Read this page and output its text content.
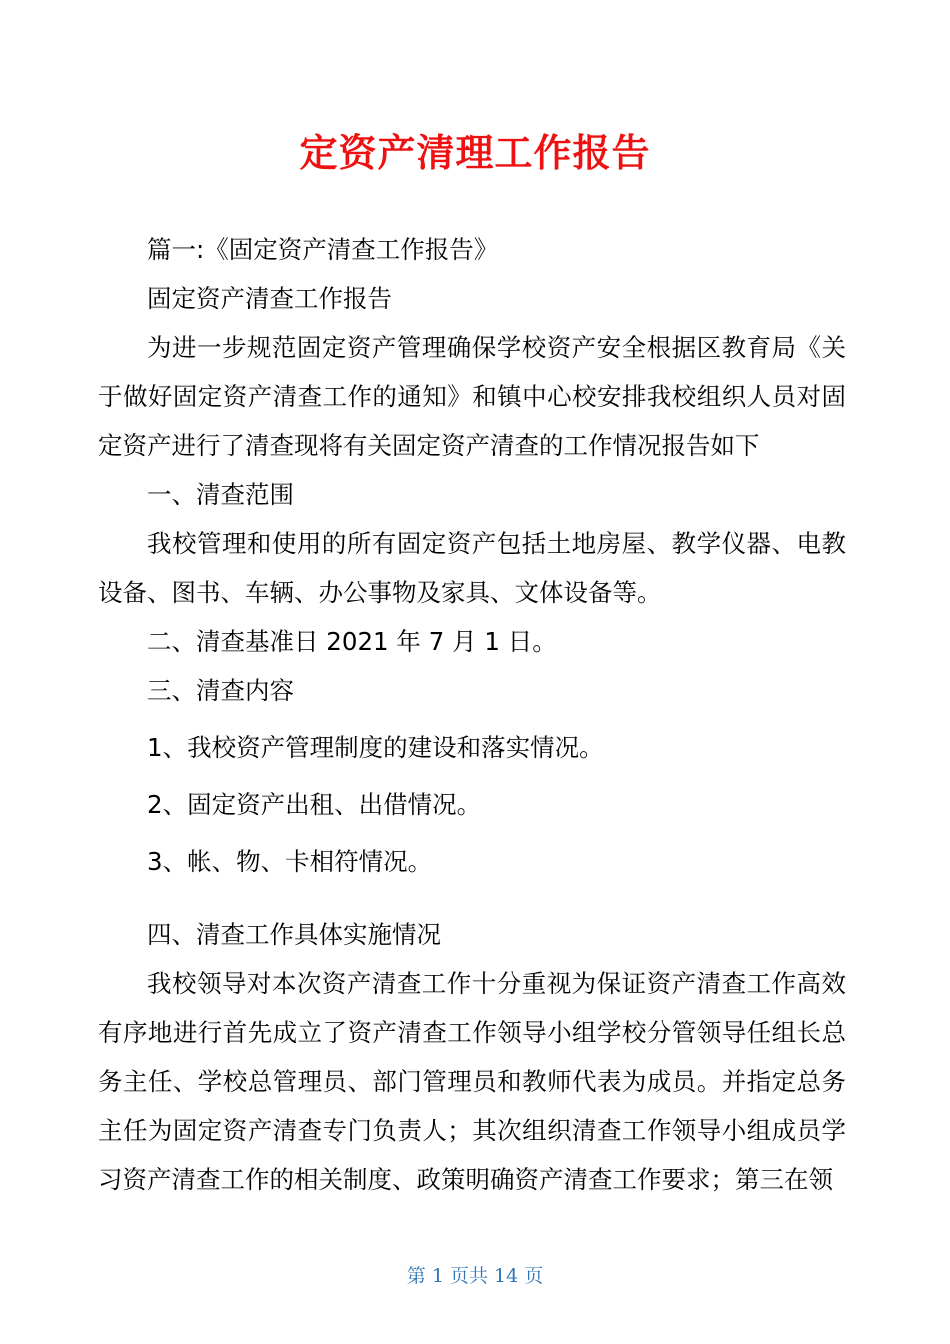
定资产清理工作报告

篇一:《固定资产清查工作报告》

固定资产清查工作报告

为进一步规范固定资产管理确保学校资产安全根据区教育局《关于做好固定资产清查工作的通知》和镇中心校安排我校组织人员对固定资产进行了清查现将有关固定资产清查的工作情况报告如下

一、清查范围

我校管理和使用的所有固定资产包括土地房屋、教学仪器、电教设备、图书、车辆、办公事物及家具、文体设备等。

二、清查基准日 2021 年 7 月 1 日。

三、清查内容

1、我校资产管理制度的建设和落实情况。

2、固定资产出租、出借情况。

3、帐、物、卡相符情况。

四、清查工作具体实施情况

我校领导对本次资产清查工作十分重视为保证资产清查工作高效有序地进行首先成立了资产清查工作领导小组学校分管领导任组长总务主任、学校总管理员、部门管理员和教师代表为成员。并指定总务主任为固定资产清查专门负责人；其次组织清查工作领导小组成员学习资产清查工作的相关制度、政策明确资产清查工作要求；第三在领

第 1 页共 14 页
